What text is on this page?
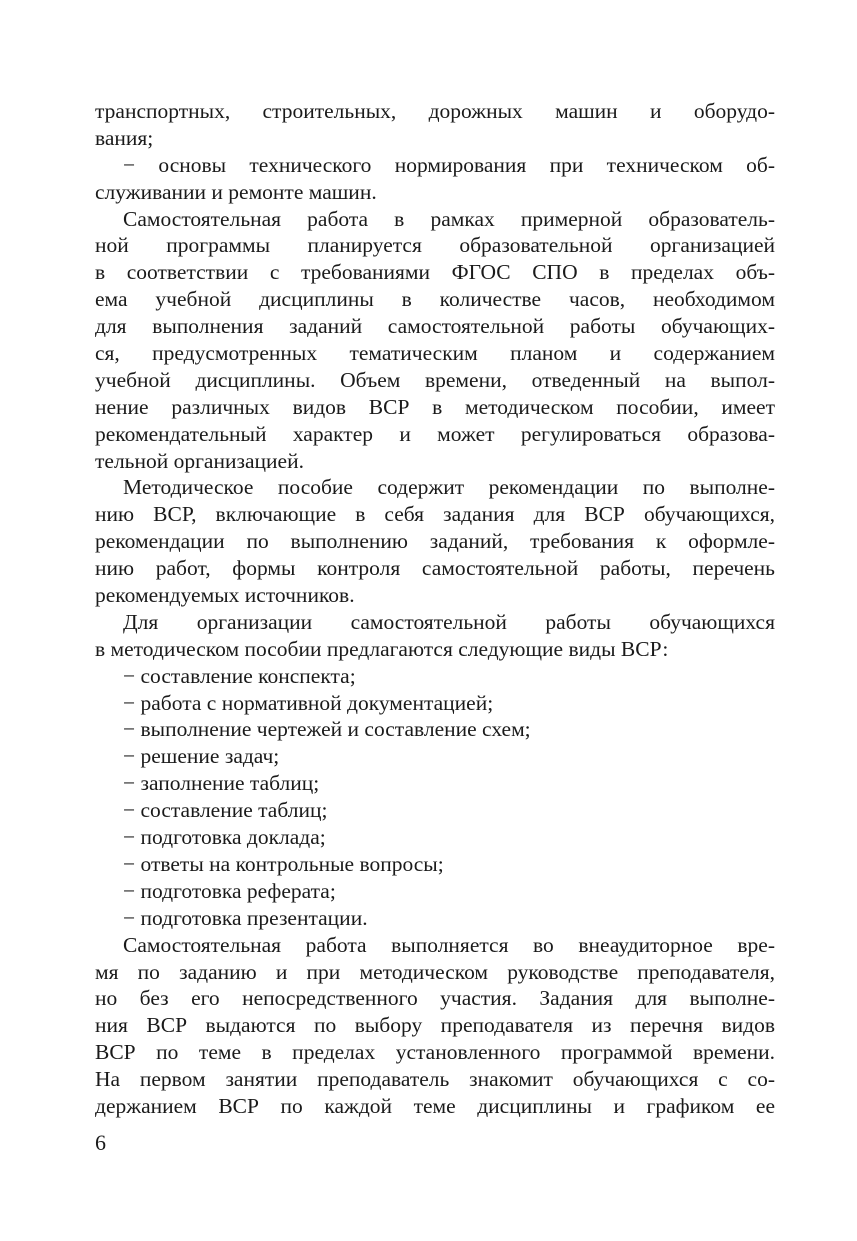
транспортных, строительных, дорожных машин и оборудо-
вания;
− основы технического нормирования при техническом об-
служивании и ремонте машин.
Самостоятельная работа в рамках примерной образователь-
ной программы планируется образовательной организацией
в соответствии с требованиями ФГОС СПО в пределах объ-
ема учебной дисциплины в количестве часов, необходимом
для выполнения заданий самостоятельной работы обучающих-
ся, предусмотренных тематическим планом и содержанием
учебной дисциплины. Объем времени, отведенный на выпол-
нение различных видов ВСР в методическом пособии, имеет
рекомендательный характер и может регулироваться образова-
тельной организацией.
Методическое пособие содержит рекомендации по выполне-
нию ВСР, включающие в себя задания для ВСР обучающихся,
рекомендации по выполнению заданий, требования к оформле-
нию работ, формы контроля самостоятельной работы, перечень
рекомендуемых источников.
Для организации самостоятельной работы обучающихся
в методическом пособии предлагаются следующие виды ВСР:
− составление конспекта;
− работа с нормативной документацией;
− выполнение чертежей и составление схем;
− решение задач;
− заполнение таблиц;
− составление таблиц;
− подготовка доклада;
− ответы на контрольные вопросы;
− подготовка реферата;
− подготовка презентации.
Самостоятельная работа выполняется во внеаудиторное вре-
мя по заданию и при методическом руководстве преподавателя,
но без его непосредственного участия. Задания для выполне-
ния ВСР выдаются по выбору преподавателя из перечня видов
ВСР по теме в пределах установленного программой времени.
На первом занятии преподаватель знакомит обучающихся с со-
держанием ВСР по каждой теме дисциплины и графиком ее
6
